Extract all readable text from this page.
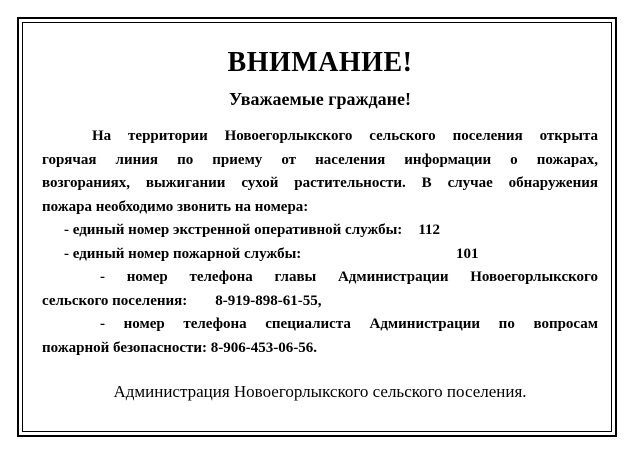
ВНИМАНИЕ!
Уважаемые граждане!
На территории Новоегорлыкского сельского поселения открыта
горячая линия по приему от населения информации о пожарах,
возгораниях, выжигании сухой растительности. В случае обнаружения
пожара необходимо звонить на номера:
- единый номер экстренной оперативной службы: 112
- единый номер пожарной службы:	101
- номер телефона главы Администрации Новоегорлыкского
сельского поселения: 8-919-898-61-55,
- номер телефона специалиста Администрации по вопросам
пожарной безопасности: 8-906-453-06-56.
Администрация Новоегорлыкского сельского поселения.
